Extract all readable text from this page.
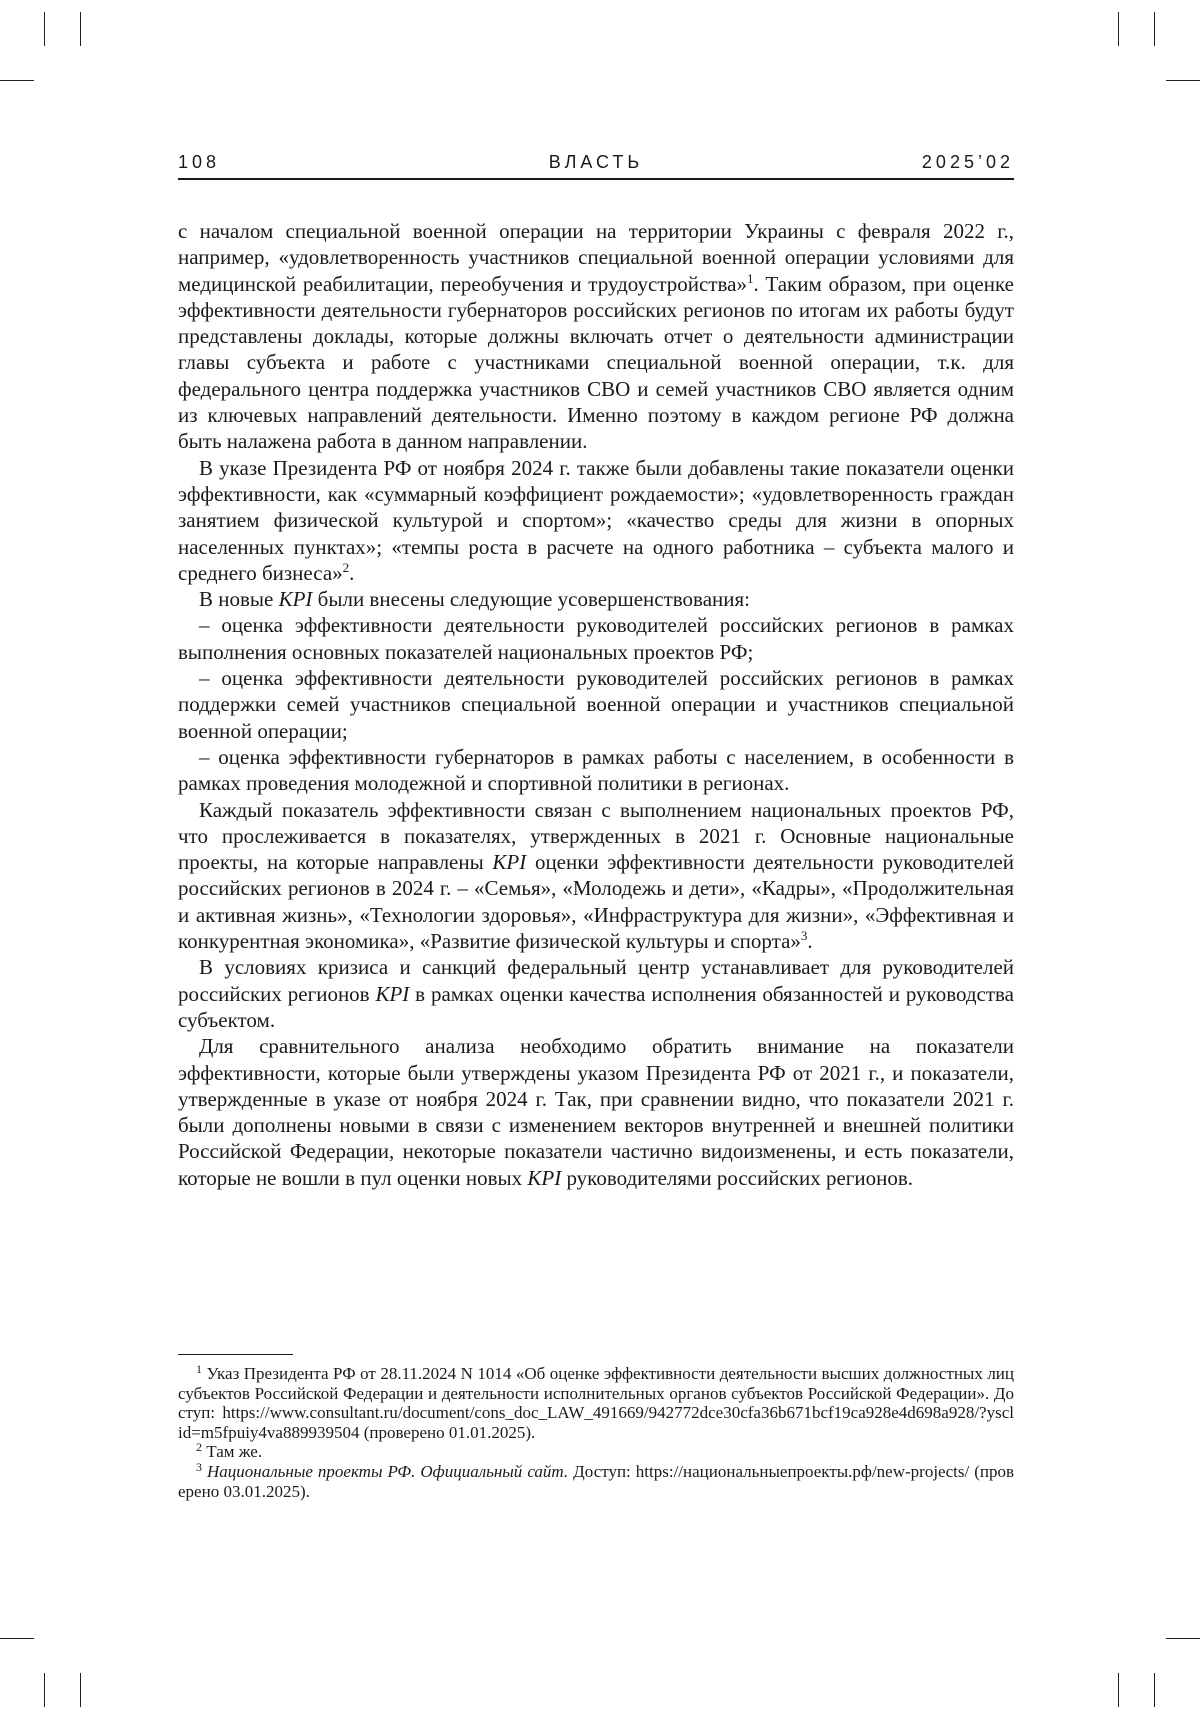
108	ВЛАСТЬ	2025’02

с началом специальной военной операции на территории Украины с февраля 2022 г., например, «удовлетворенность участников специальной военной операции условиями для медицинской реабилитации, переобучения и трудоустройства»$^1$. Таким образом, при оценке эффективности деятельности губернаторов российских регионов по итогам их работы будут представлены доклады, которые должны включать отчет о деятельности администрации главы субъекта и работе с участниками специальной военной операции, т.к. для федерального центра поддержка участников СВО и семей участников СВО является одним из ключевых направлений деятельности. Именно поэтому в каждом регионе РФ должна быть налажена работа в данном направлении.

В указе Президента РФ от ноября 2024 г. также были добавлены такие показатели оценки эффективности, как «суммарный коэффициент рождаемости»; «удовлетворенность граждан занятием физической культурой и спортом»; «качество среды для жизни в опорных населенных пунктах»; «темпы роста в расчете на одного работника – субъекта малого и среднего бизнеса»$^2$.

В новые KPI были внесены следующие усовершенствования:

– оценка эффективности деятельности руководителей российских регионов в рамках выполнения основных показателей национальных проектов РФ;

– оценка эффективности деятельности руководителей российских регионов в рамках поддержки семей участников специальной военной операции и участников специальной военной операции;

– оценка эффективности губернаторов в рамках работы с населением, в особенности в рамках проведения молодежной и спортивной политики в регионах.

Каждый показатель эффективности связан с выполнением национальных проектов РФ, что прослеживается в показателях, утвержденных в 2021 г. Основные национальные проекты, на которые направлены KPI оценки эффективности деятельности руководителей российских регионов в 2024 г. – «Семья», «Молодежь и дети», «Кадры», «Продолжительная и активная жизнь», «Технологии здоровья», «Инфраструктура для жизни», «Эффективная и конкурентная экономика», «Развитие физической культуры и спорта»$^3$.

В условиях кризиса и санкций федеральный центр устанавливает для руководителей российских регионов KPI в рамках оценки качества исполнения обязанностей и руководства субъектом.

Для сравнительного анализа необходимо обратить внимание на показатели эффективности, которые были утверждены указом Президента РФ от 2021 г., и показатели, утвержденные в указе от ноября 2024 г. Так, при сравнении видно, что показатели 2021 г. были дополнены новыми в связи с изменением векторов внутренней и внешней политики Российской Федерации, некоторые показатели частично видоизменены, и есть показатели, которые не вошли в пул оценки новых KPI руководителями российских регионов.

$^1$ Указ Президента РФ от 28.11.2024 N 1014 «Об оценке эффективности деятельности высших должностных лиц субъектов Российской Федерации и деятельности исполнительных органов субъектов Российской Федерации». Доступ: https://www.consultant.ru/document/cons_doc_LAW_491669/942772dce30cfa36b671bcf19ca928e4d698a928/?ysclid=m5fpuiy4va889939504 (проверено 01.01.2025).

$^2$ Там же.

$^3$ Национальные проекты РФ. Официальный сайт. Доступ: https://национальныепроекты.рф/new-projects/ (проверено 03.01.2025).
